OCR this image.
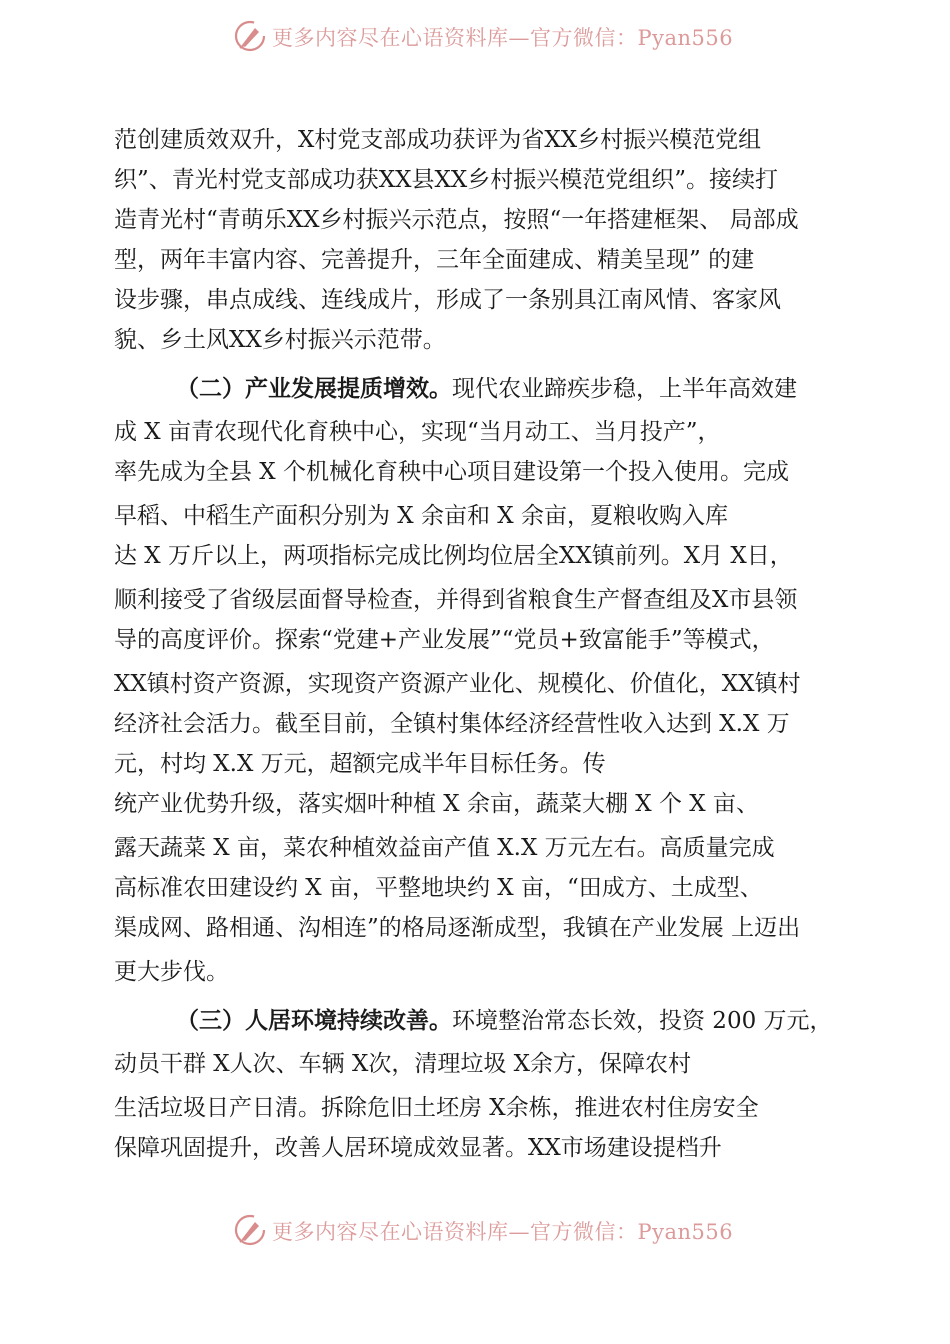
更多内容尽在心语资料库—官方微信：Pyan556
范创建质效双升，X村党支部成功获评为省XX乡村振兴模范党组
织”、青光村党支部成功获XX县XX乡村振兴模范党组织”。接续打
造青光村“青萌乐XX乡村振兴示范点，按照“一年搭建框架、 局部成
型，两年丰富内容、完善提升，三年全面建成、精美呈现” 的建
设步骤，串点成线、连线成片，形成了一条别具江南风情、客家风
貌、乡土风XX乡村振兴示范带。
（二）产业发展提质增效。现代农业蹄疾步稳，上半年高效建
成 X 亩青农现代化育秧中心，实现“当月动工、当月投产”，
率先成为全县 X 个机械化育秧中心项目建设第一个投入使用。完成
早稻、中稻生产面积分别为 X 余亩和 X 余亩，夏粮收购入库
达 X 万斤以上，两项指标完成比例均位居全XX镇前列。X月 X日，
顺利接受了省级层面督导检查，并得到省粮食生产督查组及X市县领
导的高度评价。探索“党建+产业发展”“党员+致富能手”等模式，
XX镇村资产资源，实现资产资源产业化、规模化、价值化，XX镇村
经济社会活力。截至目前，全镇村集体经济经营性收入达到 X.X 万
元，村均 X.X 万元，超额完成半年目标任务。传
统产业优势升级，落实烟叶种植 X 余亩，蔬菜大棚 X 个 X 亩、
露天蔬菜 X 亩，菜农种植效益亩产值 X.X 万元左右。高质量完成
高标准农田建设约 X 亩，平整地块约 X 亩，“田成方、土成型、
渠成网、路相通、沟相连”的格局逐渐成型，我镇在产业发展 上迈出
更大步伐。
（三）人居环境持续改善。环境整治常态长效，投资 200 万元，
动员干群 X人次、车辆 X次，清理垃圾 X余方，保障农村
生活垃圾日产日清。拆除危旧土坯房 X余栋，推进农村住房安全
保障巩固提升，改善人居环境成效显著。XX市场建设提档升
更多内容尽在心语资料库—官方微信：Pyan556
